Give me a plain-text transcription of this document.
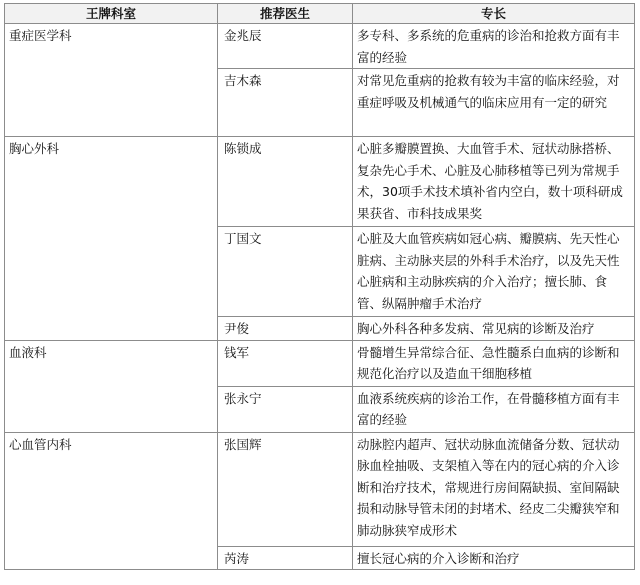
王牌科室	推荐医生	专长
重症医学科	金兆辰	多专科、多系统的危重病的诊治和抢救方面有丰富的经验
	吉木森	对常见危重病的抢救有较为丰富的临床经验，对重症呼吸及机械通气的临床应用有一定的研究
胸心外科	陈锁成	心脏多瓣膜置换、大血管手术、冠状动脉搭桥、复杂先心手术、心脏及心肺移植等已列为常规手术，30项手术技术填补省内空白，数十项科研成果获省、市科技成果奖
	丁国文	心脏及大血管疾病如冠心病、瓣膜病、先天性心脏病、主动脉夹层的外科手术治疗，以及先天性心脏病和主动脉疾病的介入治疗；擅长肺、食管、纵隔肿瘤手术治疗
	尹俊	胸心外科各种多发病、常见病的诊断及治疗
血液科	钱军	骨髓增生异常综合征、急性髓系白血病的诊断和规范化治疗以及造血干细胞移植
	张永宁	血液系统疾病的诊治工作，在骨髓移植方面有丰富的经验
心血管内科	张国辉	动脉腔内超声、冠状动脉血流储备分数、冠状动脉血栓抽吸、支架植入等在内的冠心病的介入诊断和治疗技术，常规进行房间隔缺损、室间隔缺损和动脉导管未闭的封堵术、经皮二尖瓣狭窄和肺动脉狭窄成形术
	芮涛	擅长冠心病的介入诊断和治疗
